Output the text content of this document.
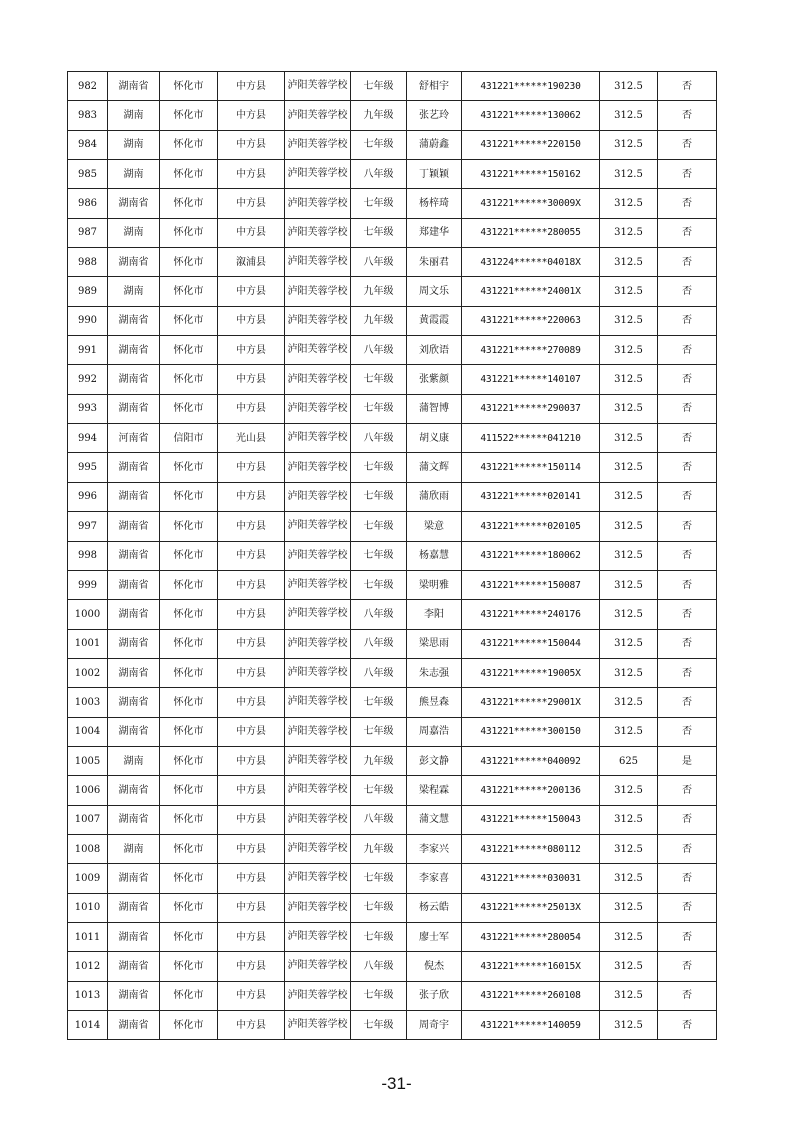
982	湖南省	怀化市	中方县	泸阳芙蓉学校	七年级	舒相宇	431221******190230	312.5	否
983	湖南	怀化市	中方县	泸阳芙蓉学校	九年级	张艺玲	431221******130062	312.5	否
984	湖南	怀化市	中方县	泸阳芙蓉学校	七年级	蒲蔚鑫	431221******220150	312.5	否
985	湖南	怀化市	中方县	泸阳芙蓉学校	八年级	丁颖颖	431221******150162	312.5	否
986	湖南省	怀化市	中方县	泸阳芙蓉学校	七年级	杨梓琦	431221******30009X	312.5	否
987	湖南	怀化市	中方县	泸阳芙蓉学校	七年级	郑建华	431221******280055	312.5	否
988	湖南省	怀化市	溆浦县	泸阳芙蓉学校	八年级	朱丽君	431224******04018X	312.5	否
989	湖南	怀化市	中方县	泸阳芙蓉学校	九年级	周文乐	431221******24001X	312.5	否
990	湖南省	怀化市	中方县	泸阳芙蓉学校	九年级	黄霞霞	431221******220063	312.5	否
991	湖南省	怀化市	中方县	泸阳芙蓉学校	八年级	刘欣语	431221******270089	312.5	否
992	湖南省	怀化市	中方县	泸阳芙蓉学校	七年级	张紫颜	431221******140107	312.5	否
993	湖南省	怀化市	中方县	泸阳芙蓉学校	七年级	蒲智博	431221******290037	312.5	否
994	河南省	信阳市	光山县	泸阳芙蓉学校	八年级	胡义康	411522******041210	312.5	否
995	湖南省	怀化市	中方县	泸阳芙蓉学校	七年级	蒲文辉	431221******150114	312.5	否
996	湖南省	怀化市	中方县	泸阳芙蓉学校	七年级	蒲欣雨	431221******020141	312.5	否
997	湖南省	怀化市	中方县	泸阳芙蓉学校	七年级	梁意	431221******020105	312.5	否
998	湖南省	怀化市	中方县	泸阳芙蓉学校	七年级	杨嘉慧	431221******180062	312.5	否
999	湖南省	怀化市	中方县	泸阳芙蓉学校	七年级	梁明雅	431221******150087	312.5	否
1000	湖南省	怀化市	中方县	泸阳芙蓉学校	八年级	李阳	431221******240176	312.5	否
1001	湖南省	怀化市	中方县	泸阳芙蓉学校	八年级	梁思雨	431221******150044	312.5	否
1002	湖南省	怀化市	中方县	泸阳芙蓉学校	八年级	朱志强	431221******19005X	312.5	否
1003	湖南省	怀化市	中方县	泸阳芙蓉学校	七年级	熊昱森	431221******29001X	312.5	否
1004	湖南省	怀化市	中方县	泸阳芙蓉学校	七年级	周嘉浩	431221******300150	312.5	否
1005	湖南	怀化市	中方县	泸阳芙蓉学校	九年级	彭文静	431221******040092	625	是
1006	湖南省	怀化市	中方县	泸阳芙蓉学校	七年级	梁程霖	431221******200136	312.5	否
1007	湖南省	怀化市	中方县	泸阳芙蓉学校	八年级	蒲文慧	431221******150043	312.5	否
1008	湖南	怀化市	中方县	泸阳芙蓉学校	九年级	李家兴	431221******080112	312.5	否
1009	湖南省	怀化市	中方县	泸阳芙蓉学校	七年级	李家喜	431221******030031	312.5	否
1010	湖南省	怀化市	中方县	泸阳芙蓉学校	七年级	杨云皓	431221******25013X	312.5	否
1011	湖南省	怀化市	中方县	泸阳芙蓉学校	七年级	廖士军	431221******280054	312.5	否
1012	湖南省	怀化市	中方县	泸阳芙蓉学校	八年级	倪杰	431221******16015X	312.5	否
1013	湖南省	怀化市	中方县	泸阳芙蓉学校	七年级	张子欣	431221******260108	312.5	否
1014	湖南省	怀化市	中方县	泸阳芙蓉学校	七年级	周奇宇	431221******140059	312.5	否
-31-
